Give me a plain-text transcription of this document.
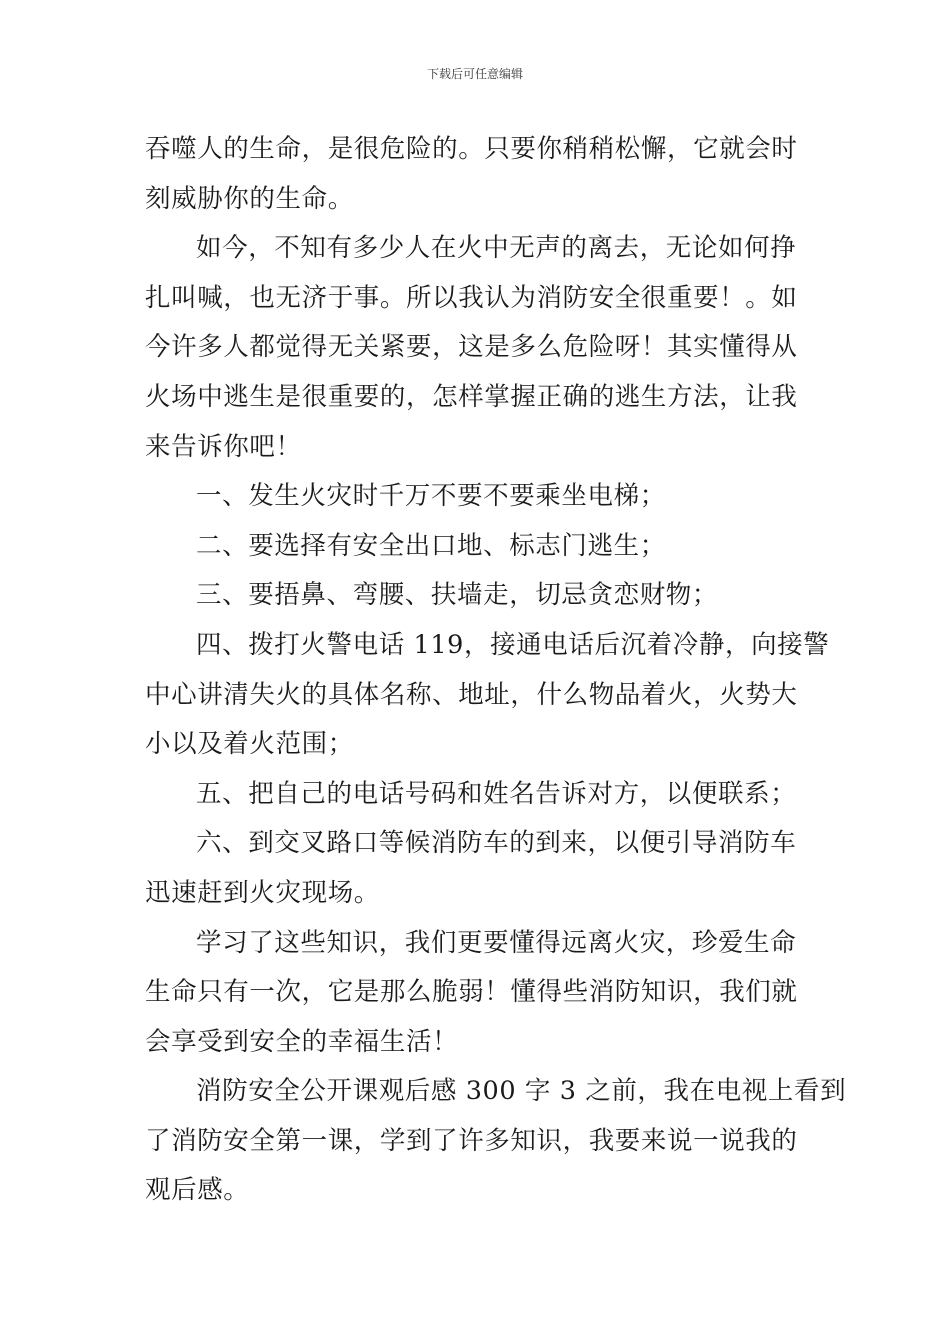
下载后可任意编辑
吞噬人的生命，是很危险的。只要你稍稍松懈，它就会时
刻威胁你的生命。
如今，不知有多少人在火中无声的离去，无论如何挣
扎叫喊，也无济于事。所以我认为消防安全很重要！。如
今许多人都觉得无关紧要，这是多么危险呀！其实懂得从
火场中逃生是很重要的，怎样掌握正确的逃生方法，让我
来告诉你吧！
一、发生火灾时千万不要不要乘坐电梯；
二、要选择有安全出口地、标志门逃生；
三、要捂鼻、弯腰、扶墙走，切忌贪恋财物；
四、拨打火警电话 119，接通电话后沉着冷静，向接警
中心讲清失火的具体名称、地址，什么物品着火，火势大
小以及着火范围；
五、把自己的电话号码和姓名告诉对方，以便联系；
六、到交叉路口等候消防车的到来，以便引导消防车
迅速赶到火灾现场。
学习了这些知识，我们更要懂得远离火灾，珍爱生命
生命只有一次，它是那么脆弱！懂得些消防知识，我们就
会享受到安全的幸福生活！
消防安全公开课观后感 300 字 3 之前，我在电视上看到
了消防安全第一课，学到了许多知识，我要来说一说我的
观后感。
